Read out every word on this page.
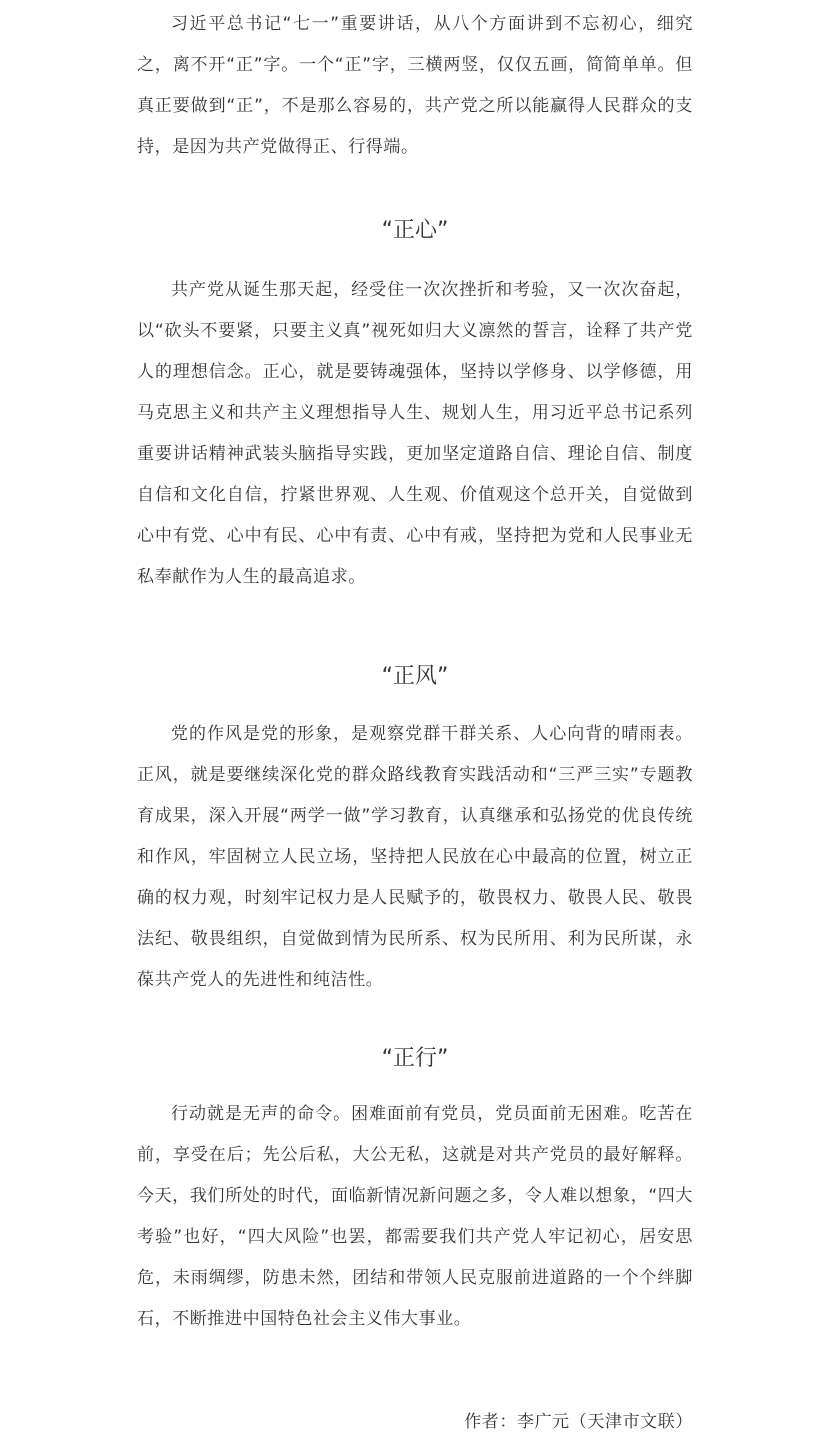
习近平总书记“七一”重要讲话，从八个方面讲到不忘初心，细究之，离不开“正”字。一个“正”字，三横两竖，仅仅五画，简简单单。但真正要做到“正”，不是那么容易的，共产党之所以能赢得人民群众的支持，是因为共产党做得正、行得端。

“正心”

共产党从诞生那天起，经受住一次次挫折和考验，又一次次奋起，以“砍头不要紧，只要主义真”视死如归大义凛然的誓言，诠释了共产党人的理想信念。正心，就是要铸魂强体，坚持以学修身、以学修德，用马克思主义和共产主义理想指导人生、规划人生，用习近平总书记系列重要讲话精神武装头脑指导实践，更加坚定道路自信、理论自信、制度自信和文化自信，拧紧世界观、人生观、价值观这个总开关，自觉做到心中有党、心中有民、心中有责、心中有戒，坚持把为党和人民事业无私奉献作为人生的最高追求。

“正风”

党的作风是党的形象，是观察党群干群关系、人心向背的晴雨表。正风，就是要继续深化党的群众路线教育实践活动和“三严三实”专题教育成果，深入开展“两学一做”学习教育，认真继承和弘扬党的优良传统和作风，牢固树立人民立场，坚持把人民放在心中最高的位置，树立正确的权力观，时刻牢记权力是人民赋予的，敬畏权力、敬畏人民、敬畏法纪、敬畏组织，自觉做到情为民所系、权为民所用、利为民所谋，永葆共产党人的先进性和纯洁性。

“正行”

行动就是无声的命令。困难面前有党员，党员面前无困难。吃苦在前，享受在后；先公后私，大公无私，这就是对共产党员的最好解释。今天，我们所处的时代，面临新情况新问题之多，令人难以想象，“四大考验”也好，“四大风险”也罢，都需要我们共产党人牢记初心，居安思危，未雨绸缪，防患未然，团结和带领人民克服前进道路的一个个绊脚石，不断推进中国特色社会主义伟大事业。

作者：李广元（天津市文联）
